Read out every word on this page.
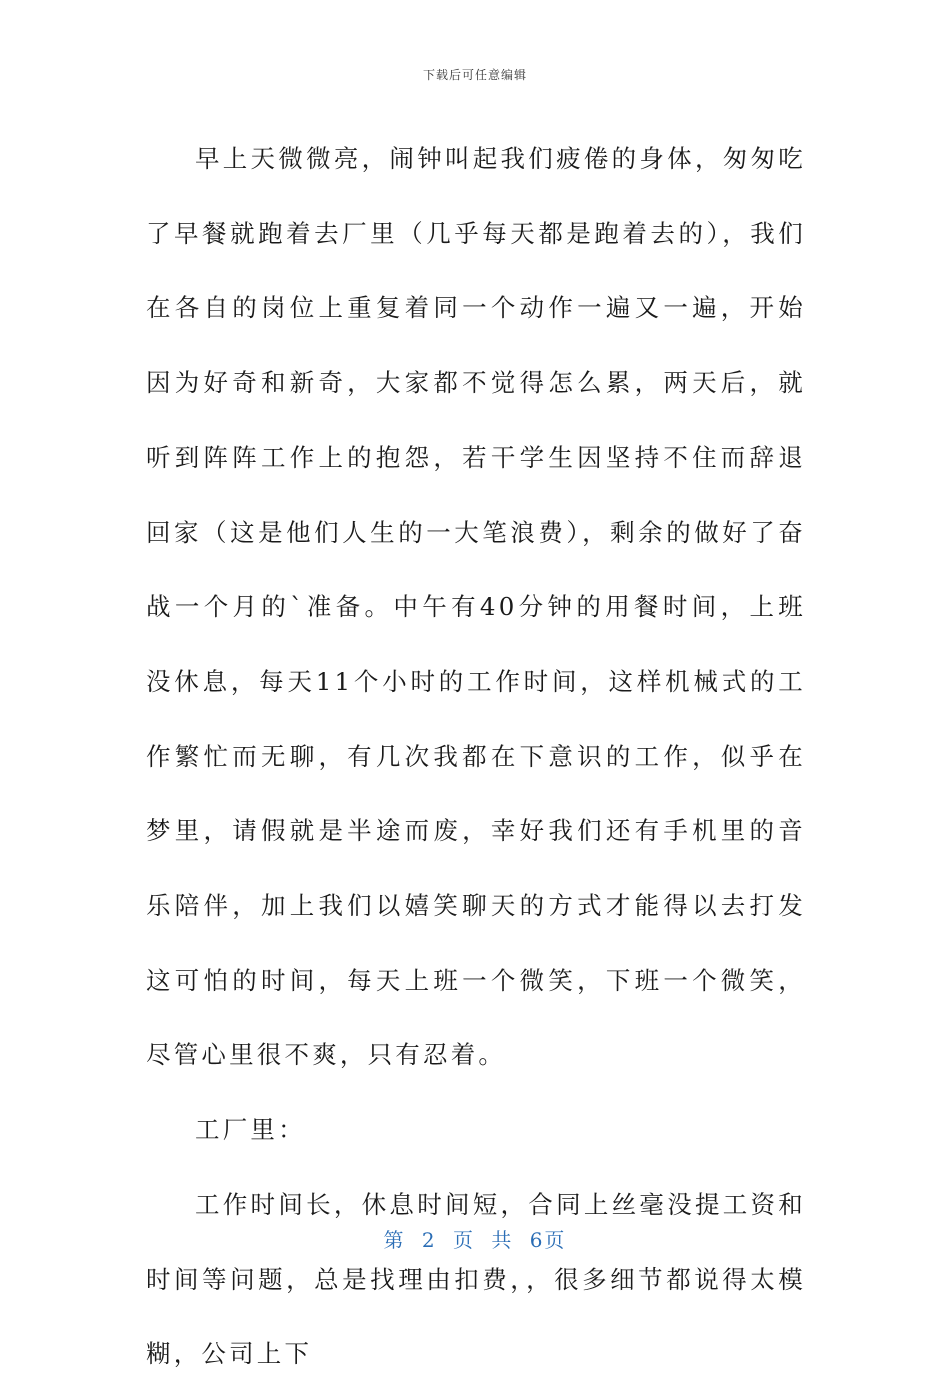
下载后可任意编辑

早上天微微亮，闹钟叫起我们疲倦的身体，匆匆吃了早餐就跑着去厂里（几乎每天都是跑着去的），我们在各自的岗位上重复着同一个动作一遍又一遍，开始因为好奇和新奇，大家都不觉得怎么累，两天后，就听到阵阵工作上的抱怨，若干学生因坚持不住而辞退回家（这是他们人生的一大笔浪费），剩余的做好了奋战一个月的`准备。中午有40分钟的用餐时间，上班没休息，每天11个小时的工作时间，这样机械式的工作繁忙而无聊，有几次我都在下意识的工作，似乎在梦里，请假就是半途而废，幸好我们还有手机里的音乐陪伴，加上我们以嬉笑聊天的方式才能得以去打发这可怕的时间，每天上班一个微笑，下班一个微笑，尽管心里很不爽，只有忍着。

工厂里：

工作时间长，休息时间短，合同上丝毫没提工资和时间等问题，总是找理由扣费，，很多细节都说得太模糊，公司上下

第 2 页 共 6页
